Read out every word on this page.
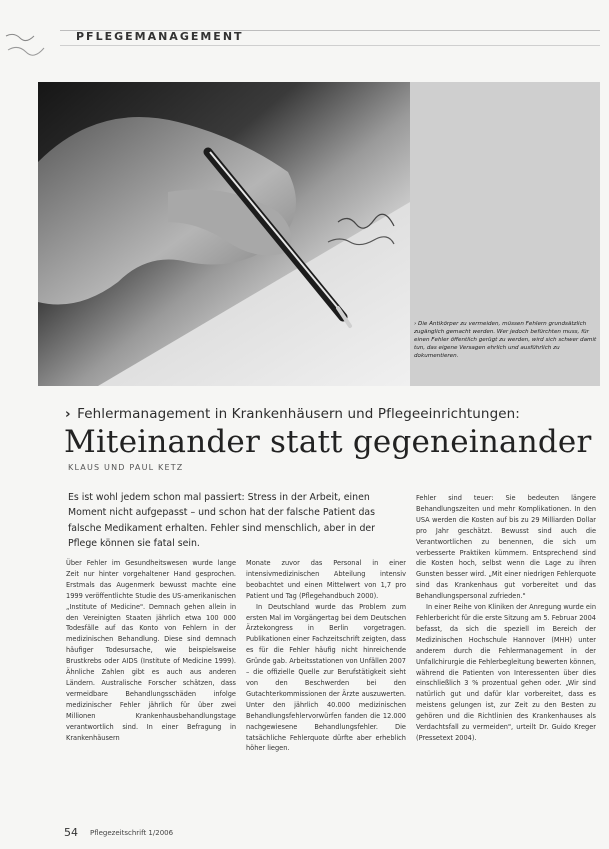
PFLEGEMANAGEMENT
› Die Antikörper zu vermeiden, müssen Fehlern grundsätzlich zugänglich gemacht werden. Wer jedoch befürchten muss, für einen Fehler öffentlich gerügt zu werden, wird sich schwer damit tun, das eigene Versagen ehrlich und ausführlich zu dokumentieren.
› Fehlermanagement in Krankenhäusern und Pflegeeinrichtungen:
Miteinander statt gegeneinander
KLAUS UND PAUL KETZ
Es ist wohl jedem schon mal passiert: Stress in der Arbeit, einen Moment nicht aufgepasst – und schon hat der falsche Patient das falsche Medikament erhalten. Fehler sind menschlich, aber in der Pflege können sie fatal sein.

Über Fehler im Gesundheitswesen wurde lange Zeit nur hinter vorgehaltener Hand gesprochen. Erstmals das Augenmerk bewusst machte eine 1999 veröffentlichte Studie des US-amerikanischen „Institute of Medicine". Demnach gehen allein in den Vereinigten Staaten jährlich etwa 100 000 Todesfälle auf das Konto von Fehlern in der medizinischen Behandlung. Diese sind demnach häufiger Todesursache, wie beispielsweise Brustkrebs oder AIDS (Institute of Medicine 1999). Ähnliche Zahlen gibt es auch aus anderen Ländern. Australische Forscher schätzen, dass vermeidbare Behandlungsschäden infolge medizinischer Fehler jährlich für über zwei Millionen Krankenhausbehandlungstage verantwortlich sind. In einer Befragung in Krankenhäusern

Monate zuvor das Personal in einer intensivmedizinischen Abteilung intensiv beobachtet und einen Mittelwert von 1,7 pro Patient und Tag (Pflegehandbuch 2000).

In Deutschland wurde das Problem zum ersten Mal im Vorgängertag bei dem Deutschen Ärztekongress in Berlin vorgetragen. Publikationen einer Fachzeitschrift zeigten, dass es für die Fehler häufig nicht hinreichende Gründe gab. Arbeitsstationen von Unfällen 2007 – die offizielle Quelle zur Berufstätigkeit sieht von den Beschwerden bei den Gutachterkommissionen der Ärzte auszuwerten. Unter den jährlich 40.000 medizinischen Behandlungsfehlervorwürfen fanden die 12.000 nachgewiesene Behandlungsfehler. Die tatsächliche Fehlerquote dürfte aber erheblich höher liegen.

Fehler sind teuer: Sie bedeuten längere Behandlungszeiten und mehr Komplikationen. In den USA werden die Kosten auf bis zu 29 Milliarden Dollar pro Jahr geschätzt. Bewusst sind auch die Verantwortlichen zu benennen, die sich um verbesserte Praktiken kümmern. Entsprechend sind die Kosten hoch, selbst wenn die Lage zu ihren Gunsten besser wird. „Mit einer niedrigen Fehlerquote sind das Krankenhaus gut vorbereitet und das Behandlungspersonal zufrieden."

In einer Reihe von Kliniken der Anregung wurde ein Fehlerbericht für die erste Sitzung am 5. Februar 2004 befasst, da sich die speziell im Bereich der Medizinischen Hochschule Hannover (MHH) unter anderem durch die Fehlermanagement in der Unfallchirurgie die Fehlerbegleitung bewerten können, während die Patienten von Interessenten über dies einschließlich 3 % prozentual gehen oder. „Wir sind natürlich gut und dafür klar vorbereitet, dass es meistens gelungen ist, zur Zeit zu den Besten zu gehören und die Richtlinien des Krankenhauses als Verdachtsfall zu vermeiden", urteilt Dr. Guido Kreger (Pressetext 2004).

54 Pflegezeitschrift 1/2006
